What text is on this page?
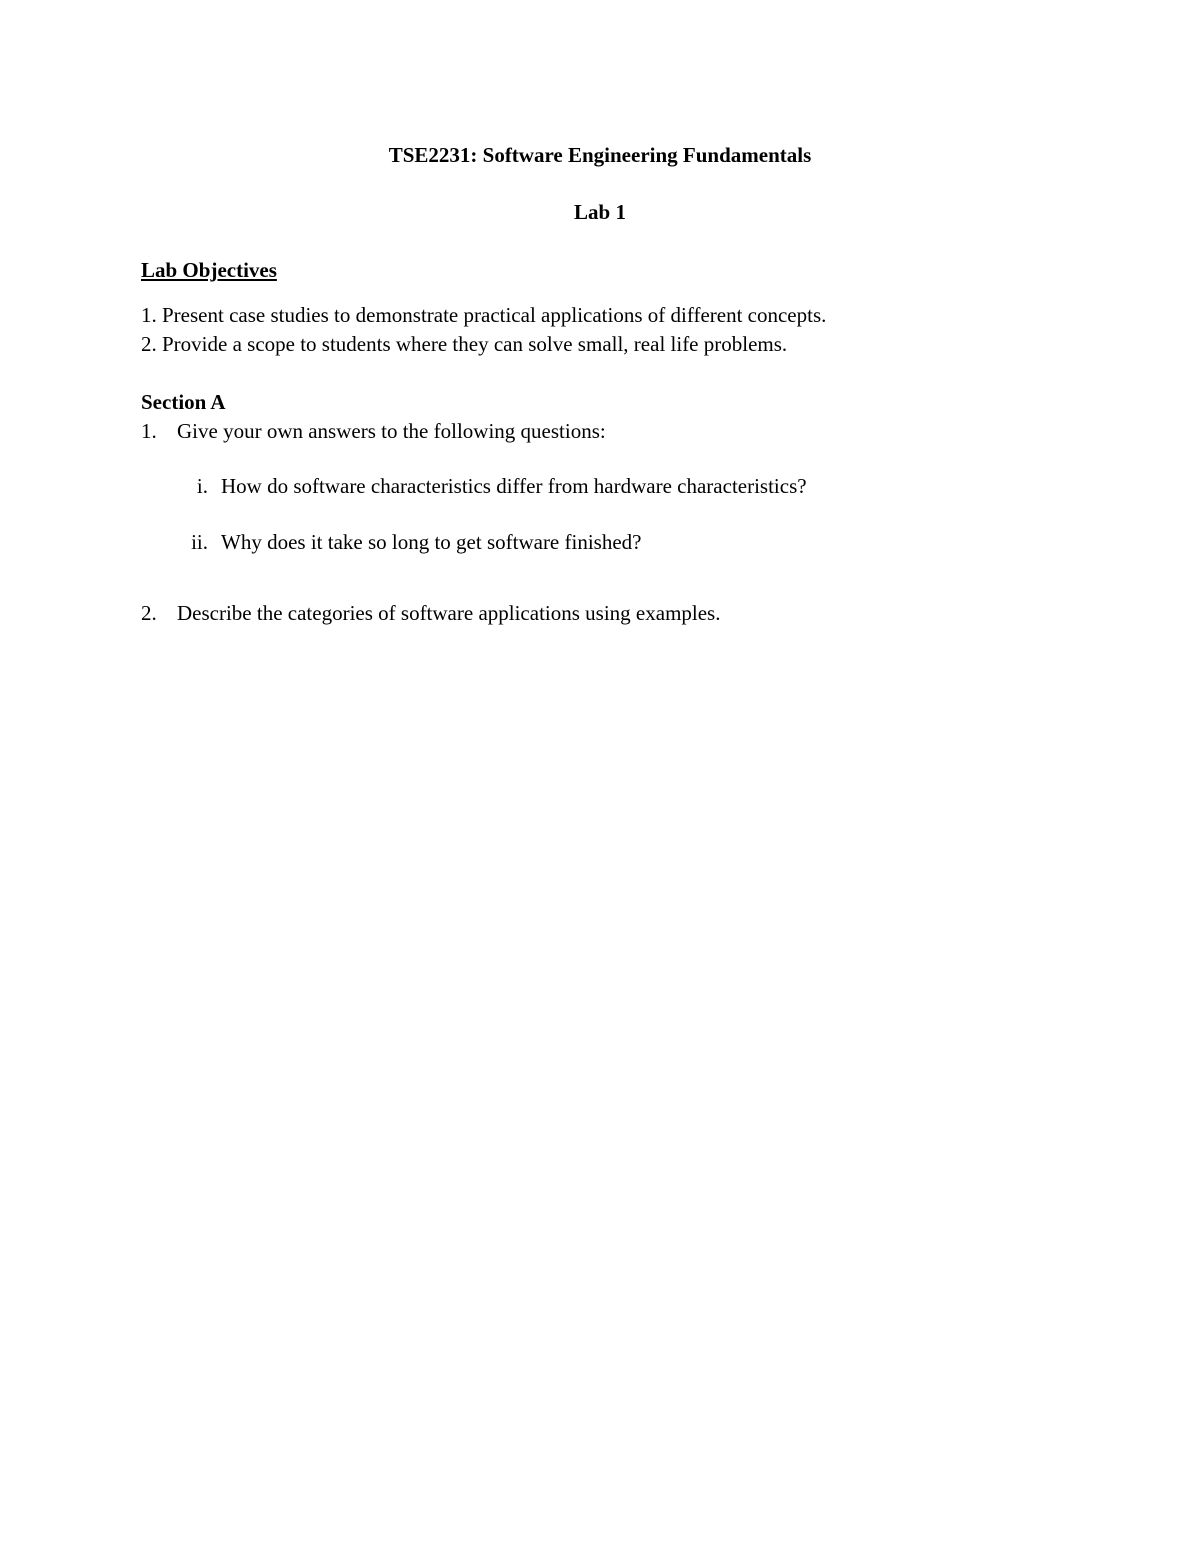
TSE2231: Software Engineering Fundamentals
Lab 1
Lab Objectives
1. Present case studies to demonstrate practical applications of different concepts.
2. Provide a scope to students where they can solve small, real life problems.
Section A
1. Give your own answers to the following questions:
i. How do software characteristics differ from hardware characteristics?
ii. Why does it take so long to get software finished?
2. Describe the categories of software applications using examples.
